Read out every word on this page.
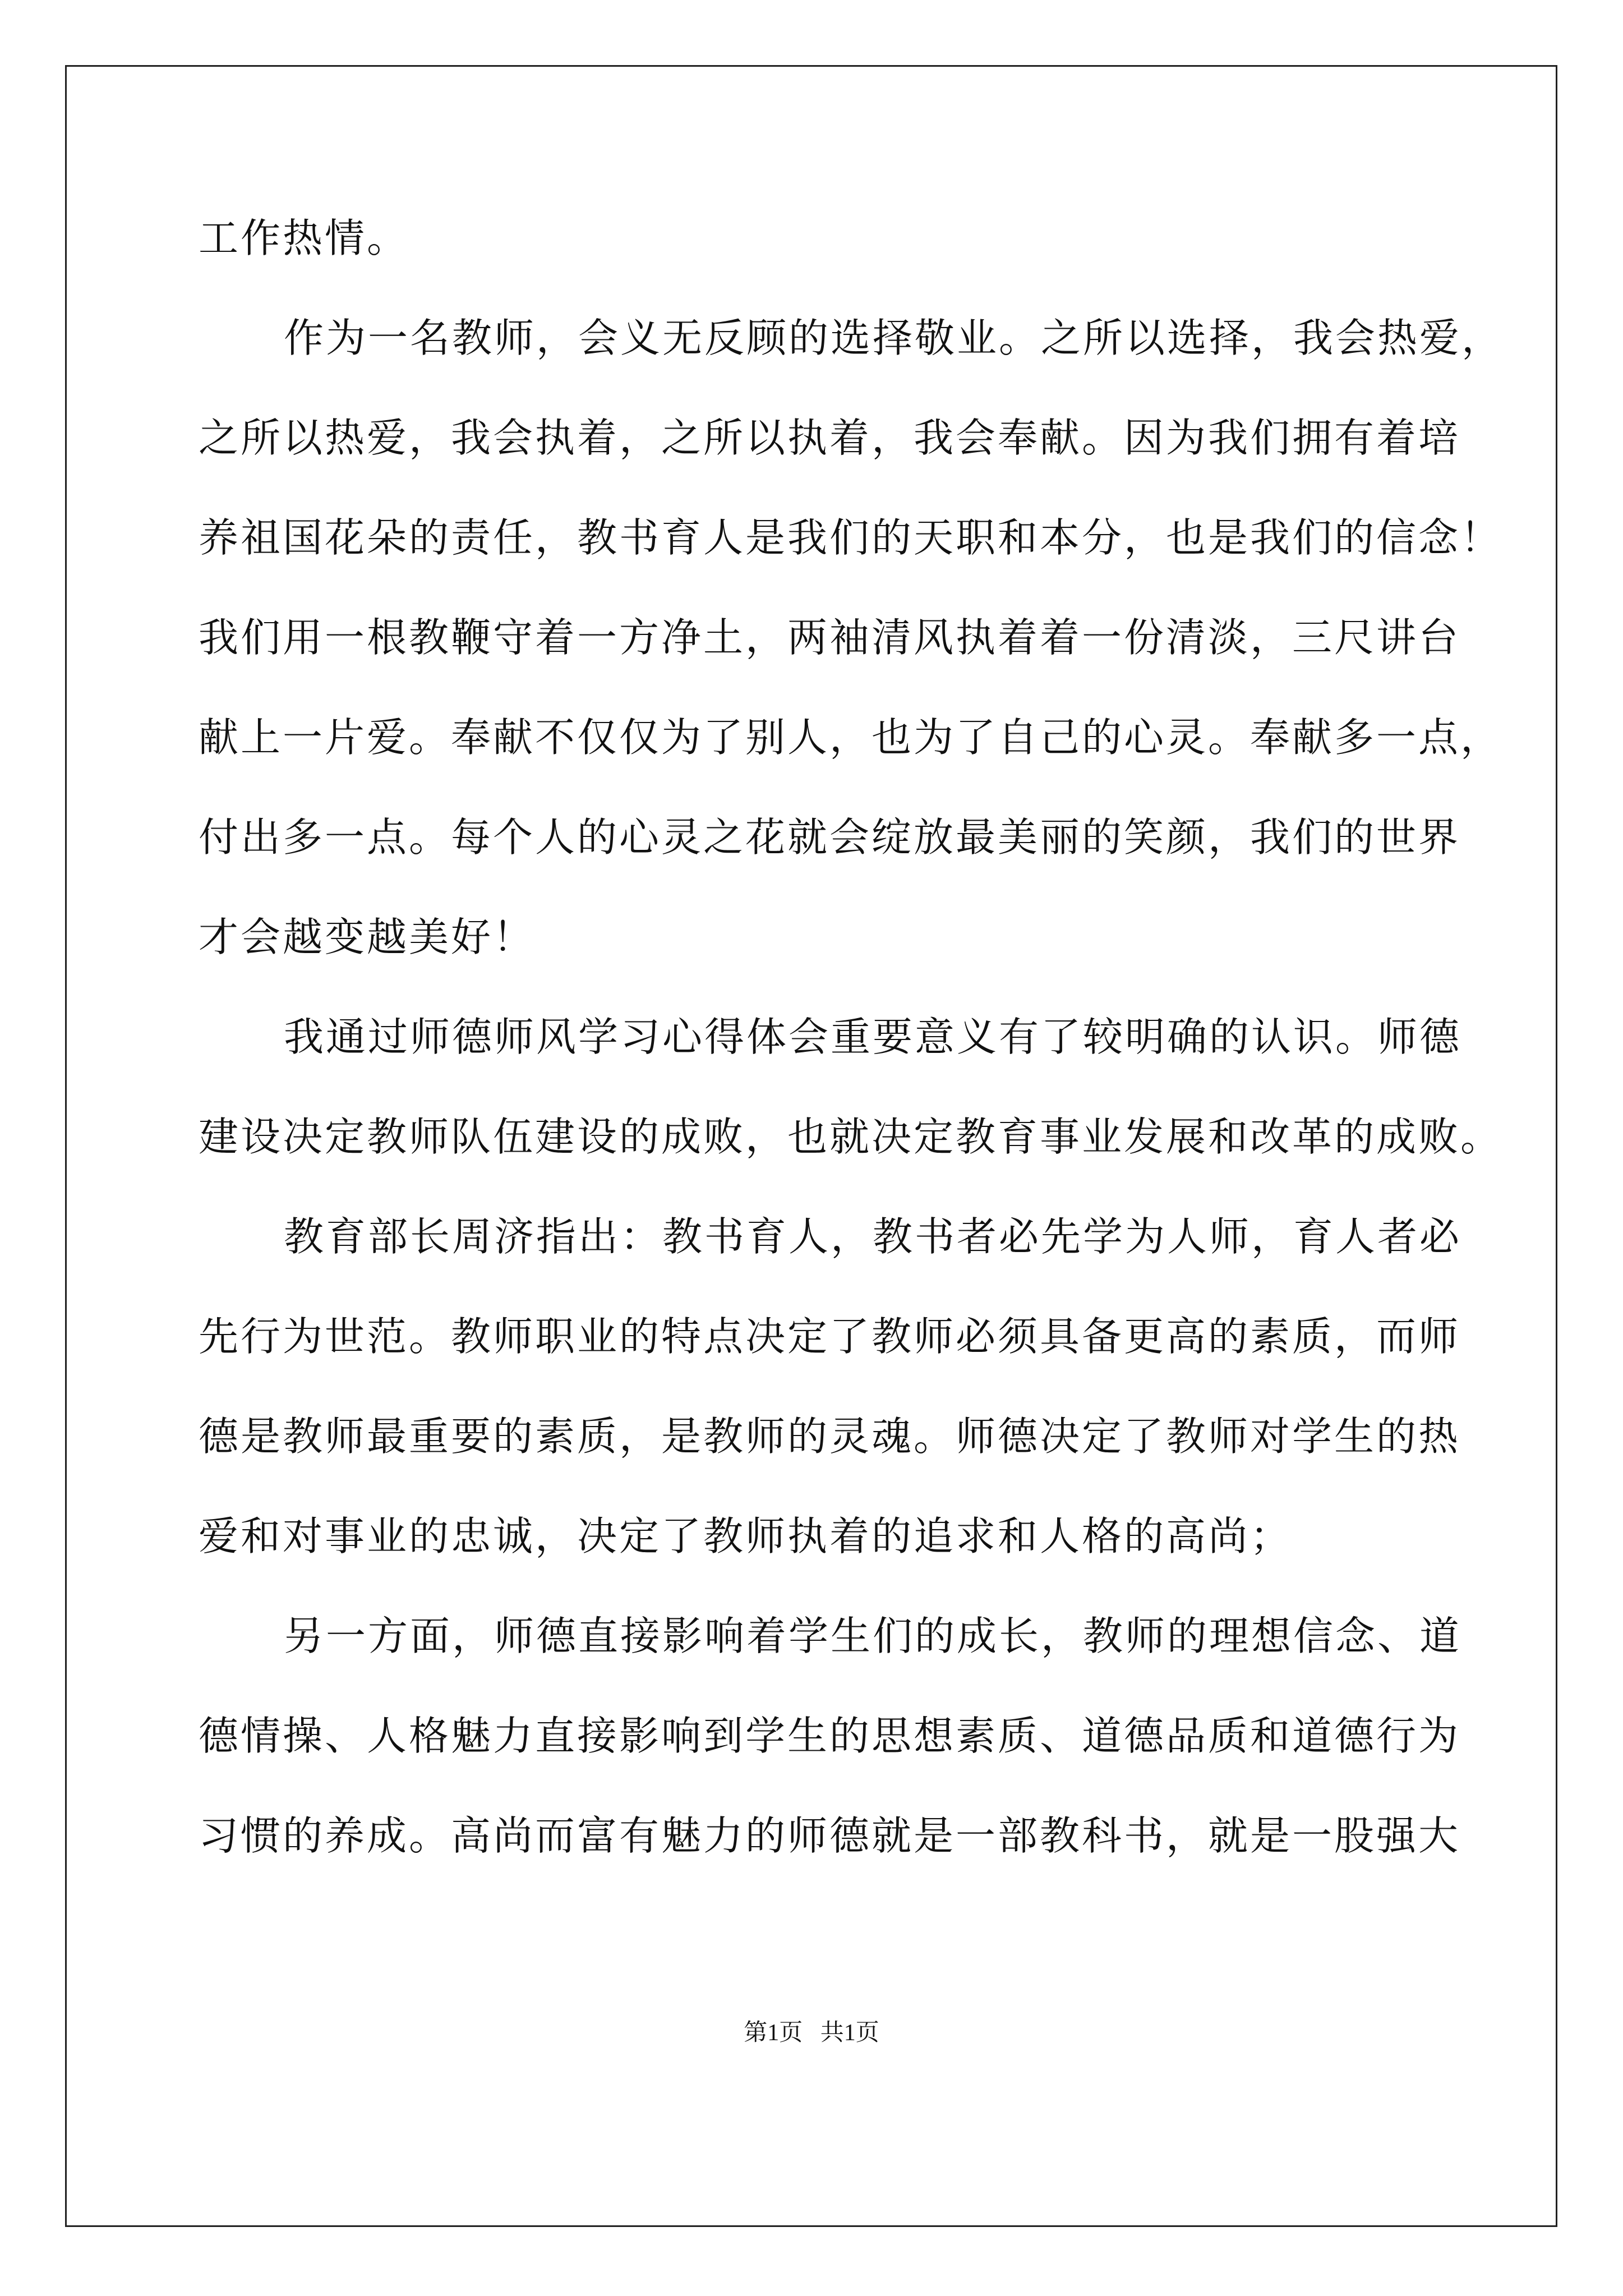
工作热情。
作为一名教师，会义无反顾的选择敬业。之所以选择，我会热爱，
之所以热爱，我会执着，之所以执着，我会奉献。因为我们拥有着培
养祖国花朵的责任，教书育人是我们的天职和本分，也是我们的信念！
我们用一根教鞭守着一方净土，两袖清风执着着一份清淡，三尺讲台
献上一片爱。奉献不仅仅为了别人，也为了自己的心灵。奉献多一点，
付出多一点。每个人的心灵之花就会绽放最美丽的笑颜，我们的世界
才会越变越美好！
我通过师德师风学习心得体会重要意义有了较明确的认识。师德
建设决定教师队伍建设的成败，也就决定教育事业发展和改革的成败。
教育部长周济指出：教书育人，教书者必先学为人师，育人者必
先行为世范。教师职业的特点决定了教师必须具备更高的素质，而师
德是教师最重要的素质，是教师的灵魂。师德决定了教师对学生的热
爱和对事业的忠诚，决定了教师执着的追求和人格的高尚；
另一方面，师德直接影响着学生们的成长，教师的理想信念、道
德情操、人格魅力直接影响到学生的思想素质、道德品质和道德行为
习惯的养成。高尚而富有魅力的师德就是一部教科书，就是一股强大
第1页   共1页
